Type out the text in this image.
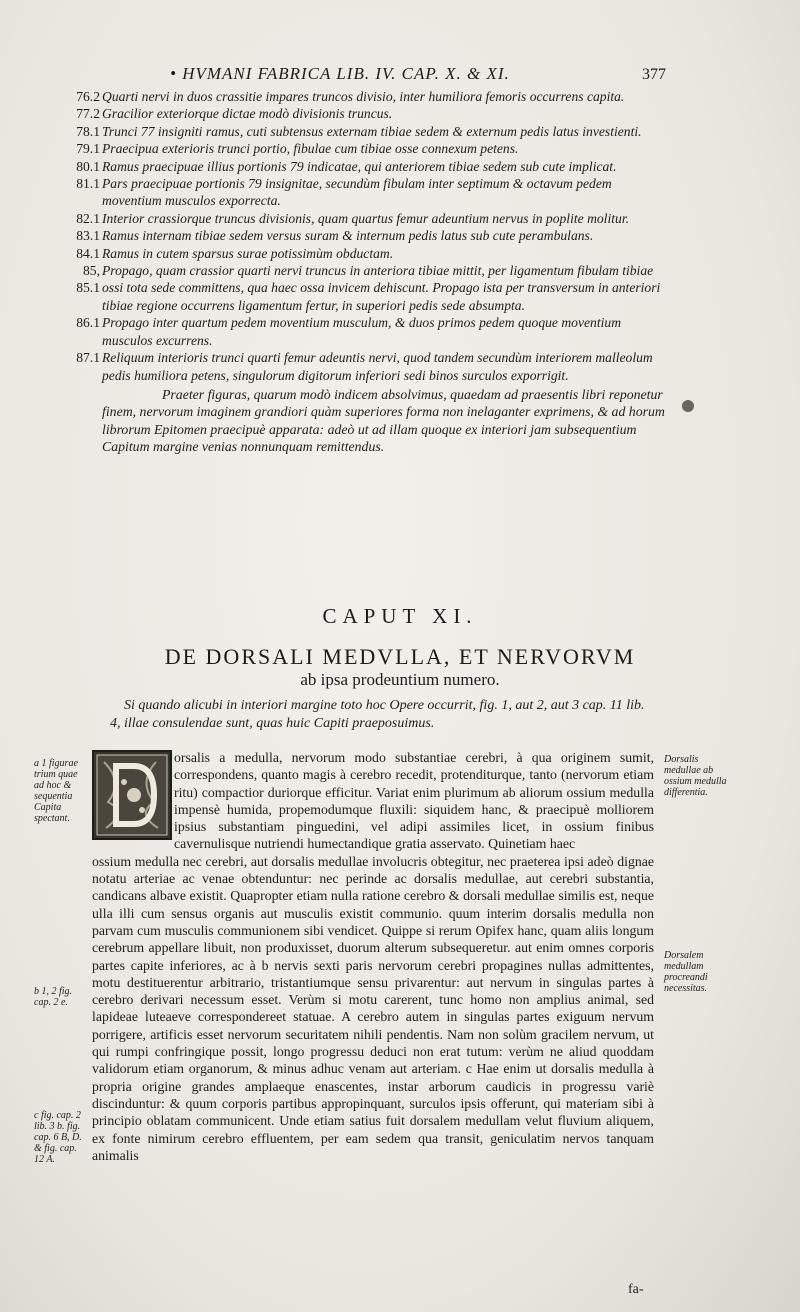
• HVMANI FABRICA LIB. IV. CAP. X. & XI.	377
76.2 Quarti nervi in duos crassitie impares truncos divisio, inter humiliora femoris occurrens capita.
77.2 Gracilior exteriorque dictae modò divisionis truncus.
78.1 Trunci 77 insigniti ramus, cuti subtensus externam tibiae sedem & externum pedis latus investienti.
79.1 Praecipua exterioris trunci portio, fibulae cum tibiae osse connexum petens.
80.1 Ramus praecipuae illius portionis 79 indicatae, qui anteriorem tibiae sedem sub cute implicat.
81.1 Pars praecipuae portionis 79 insignitae, secundùm fibulam inter septimum & octavum pedem moventium musculos exporrecta.
82.1 Interior crassiorque truncus divisionis, quam quartus femur adeuntium nervus in poplite molitur.
83.1 Ramus internam tibiae sedem versus suram & internum pedis latus sub cute perambulans.
84.1 Ramus in cutem sparsus surae potissimùm obductam.
85, 85.1
Propago, quam crassior quarti nervi truncus in anteriora tibiae mittit, per ligamentum fibulam tibiae ossi tota sede committens, qua haec ossa invicem dehiscunt. Propago ista per transversum in anteriori tibiae regione occurrens ligamentum fertur, in superiori pedis sede absumpta.
86.1 Propago inter quartum pedem moventium musculum, & duos primos pedem quoque moventium musculos excurrens.
87.1 Reliquum interioris trunci quarti femur adeuntis nervi, quod tandem secundùm interiorem malleolum pedis humiliora petens, singulorum digitorum inferiori sedi binos surculos exporrigit.
Praeter figuras, quarum modò indicem absolvimus, quaedam ad praesentis libri reponetur finem, nervorum imaginem grandiori quàm superiores forma non inelaganter exprimens, & ad horum librorum Epitomen praecipuè apparata: adeò ut ad illam quoque ex interiori jam subsequentium Capitum margine venias nonnunquam remittendus.
CAPUT XI.
DE DORSALI MEDVLLA, ET NERVORVM
ab ipsa prodeuntium numero.
Si quando alicubi in interiori margine toto hoc Opere occurrit, fig. 1, aut 2, aut 3 cap. 11 lib. 4, illae consulendae sunt, quas huic Capiti praeposuimus.

orsalis a medulla, nervorum modo substantiae cerebri, à qua originem sumit, correspondens, quanto magis à cerebro recedit, protenditurque, tanto (nervorum etiam ritu) compactior duriorque efficitur. Variat enim plurimum ab aliorum ossium medulla impensè humida, propemodumque fluxili: siquidem hanc, & praecipuè molliorem ipsius substantiam pinguedini, vel adipi assimiles licet, in ossium finibus cavernulisque nutriendi humectandique gratia asservato. Quinetiam haec

ossium medulla nec cerebri, aut dorsalis medullae involucris obtegitur, nec praeterea ipsi adeò dignae notatu arteriae ac venae obtenduntur: nec perinde ac dorsalis medullae, aut cerebri substantia, candicans albave existit. Quapropter etiam nulla ratione cerebro & dorsali medullae similis est, neque ulla illi cum sensus organis aut musculis existit communio. quum interim dorsalis medulla non parvam cum musculis communionem sibi vendicet. Quippe si rerum Opifex hanc, quam aliis longum cerebrum appellare libuit, non produxisset, duorum alterum subsequeretur. aut enim omnes corporis partes capite inferiores, ac à b nervis sexti paris nervorum cerebri propagines nullas admittentes, motu destituerentur arbitrario, tristantiumque sensu privarentur: aut nervum in singulas partes à cerebro derivari necessum esset. Verùm si motu carerent, tunc homo non amplius animal, sed lapideae luteaeve correspondereet statuae. A cerebro autem in singulas partes exiguum nervum porrigere, artificis esset nervorum securitatem nihili pendentis. Nam non solùm gracilem nervum, ut qui rumpi confringique possit, longo progressu deduci non erat tutum: verùm ne aliud quoddam validorum etiam organorum, & minus adhuc venam aut arteriam. c Hae enim ut dorsalis medulla à propria origine grandes amplaeque enascentes, instar arborum caudicis in progressu variè discinduntur: & quum corporis partibus appropinquant, surculos ipsis offerunt, qui materiam sibi à principio oblatam communicent. Unde etiam satius fuit dorsalem medullam velut fluvium aliquem, ex fonte nimirum cerebro effluentem, per eam sedem qua transit, geniculatim nervos tanquam animalis

a 1 figurae trium quae ad hoc & sequentia Capita spectant.
b 1, 2 fig. cap. 2 e.
c fig. cap. 2 lib. 3 b. fig. cap. 6 B, D. & fig. cap. 12 A.
Dorsalis medullae ab ossium medulla differentia.
Dorsalem medullam procreandi necessitas.
fa-
